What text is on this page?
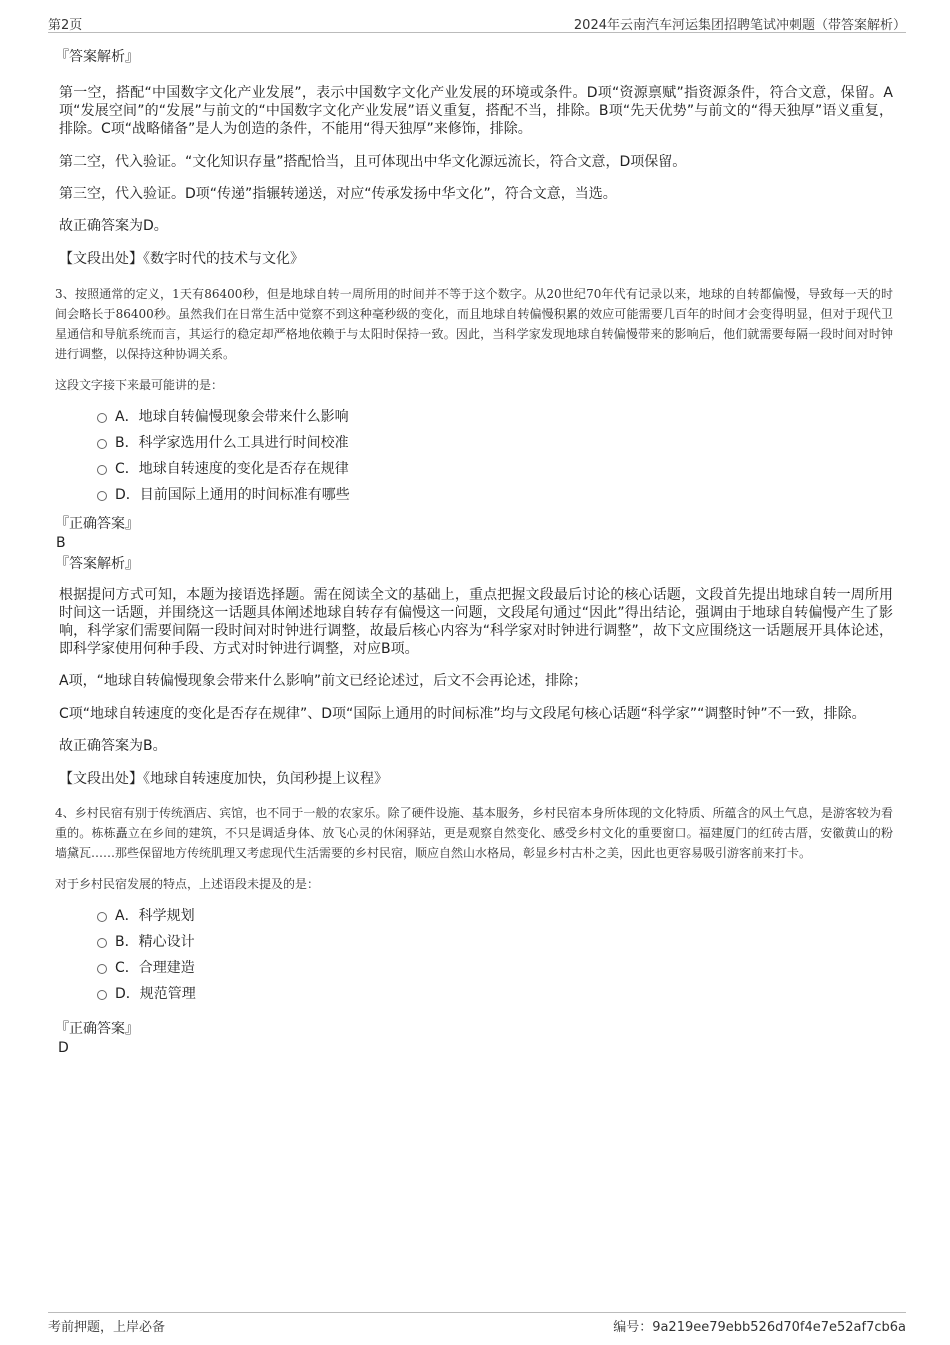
第2页	2024年云南汽车河运集团招聘笔试冲刺题（带答案解析）

『答案解析』

第一空，搭配“中国数字文化产业发展”，表示中国数字文化产业发展的环境或条件。D项“资源禀赋”指资源条件，符合文意，保留。A项“发展空间”的“发展”与前文的“中国数字文化产业发展”语义重复，搭配不当，排除。B项“先天优势”与前文的“得天独厚”语义重复，排除。C项“战略储备”是人为创造的条件，不能用“得天独厚”来修饰，排除。

第二空，代入验证。“文化知识存量”搭配恰当，且可体现出中华文化源远流长，符合文意，D项保留。

第三空，代入验证。D项“传递”指辗转递送，对应“传承发扬中华文化”，符合文意，当选。

故正确答案为D。

【文段出处】《数字时代的技术与文化》

3、按照通常的定义，1天有86400秒，但是地球自转一周所用的时间并不等于这个数字。从20世纪70年代有记录以来，地球的自转都偏慢，导致每一天的时间会略长于86400秒。虽然我们在日常生活中觉察不到这种毫秒级的变化，而且地球自转偏慢积累的效应可能需要几百年的时间才会变得明显，但对于现代卫星通信和导航系统而言，其运行的稳定却严格地依赖于与太阳时保持一致。因此，当科学家发现地球自转偏慢带来的影响后，他们就需要每隔一段时间对时钟进行调整，以保持这种协调关系。

这段文字接下来最可能讲的是：

A．地球自转偏慢现象会带来什么影响
B．科学家选用什么工具进行时间校准
C．地球自转速度的变化是否存在规律
D．目前国际上通用的时间标准有哪些

『正确答案』

B

『答案解析』

根据提问方式可知，本题为接语选择题。需在阅读全文的基础上，重点把握文段最后讨论的核心话题，文段首先提出地球自转一周所用时间这一话题，并围绕这一话题具体阐述地球自转存有偏慢这一问题，文段尾句通过“因此”得出结论，强调由于地球自转偏慢产生了影响，科学家们需要间隔一段时间对时钟进行调整，故最后核心内容为“科学家对时钟进行调整”，故下文应围绕这一话题展开具体论述，即科学家使用何种手段、方式对时钟进行调整，对应B项。

A项，“地球自转偏慢现象会带来什么影响”前文已经论述过，后文不会再论述，排除；

C项“地球自转速度的变化是否存在规律”、D项“国际上通用的时间标准”均与文段尾句核心话题“科学家”“调整时钟”不一致，排除。

故正确答案为B。

【文段出处】《地球自转速度加快，负闰秒提上议程》

4、乡村民宿有别于传统酒店、宾馆，也不同于一般的农家乐。除了硬件设施、基本服务，乡村民宿本身所体现的文化特质、所蕴含的风土气息，是游客较为看重的。栋栋矗立在乡间的建筑，不只是调适身体、放飞心灵的休闲驿站，更是观察自然变化、感受乡村文化的重要窗口。福建厦门的红砖古厝，安徽黄山的粉墙黛瓦……那些保留地方传统肌理又考虑现代生活需要的乡村民宿，顺应自然山水格局，彰显乡村古朴之美，因此也更容易吸引游客前来打卡。

对于乡村民宿发展的特点，上述语段未提及的是：

A．科学规划
B．精心设计
C．合理建造
D．规范管理

『正确答案』

D

考前押题，上岸必备	编号：9a219ee79ebb526d70f4e7e52af7cb6a
